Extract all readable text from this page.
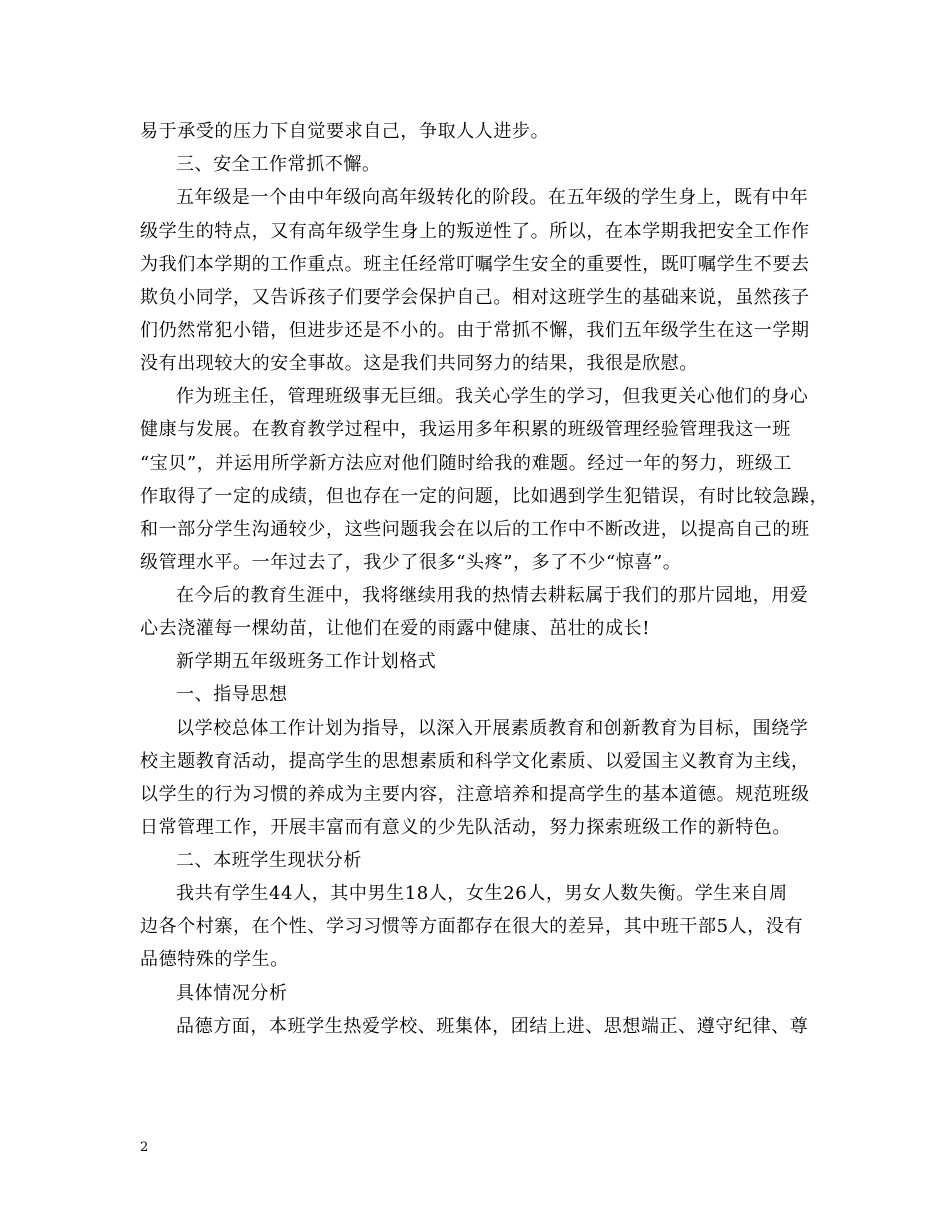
易于承受的压力下自觉要求自己，争取人人进步。
三、安全工作常抓不懈。
五年级是一个由中年级向高年级转化的阶段。在五年级的学生身上，既有中年
级学生的特点，又有高年级学生身上的叛逆性了。所以，在本学期我把安全工作作
为我们本学期的工作重点。班主任经常叮嘱学生安全的重要性，既叮嘱学生不要去
欺负小同学，又告诉孩子们要学会保护自己。相对这班学生的基础来说，虽然孩子
们仍然常犯小错，但进步还是不小的。由于常抓不懈，我们五年级学生在这一学期
没有出现较大的安全事故。这是我们共同努力的结果，我很是欣慰。
作为班主任，管理班级事无巨细。我关心学生的学习，但我更关心他们的身心
健康与发展。在教育教学过程中，我运用多年积累的班级管理经验管理我这一班
“宝贝”，并运用所学新方法应对他们随时给我的难题。经过一年的努力，班级工
作取得了一定的成绩，但也存在一定的问题，比如遇到学生犯错误，有时比较急躁，
和一部分学生沟通较少，这些问题我会在以后的工作中不断改进，以提高自己的班
级管理水平。一年过去了，我少了很多“头疼”，多了不少“惊喜”。
在今后的教育生涯中，我将继续用我的热情去耕耘属于我们的那片园地，用爱
心去浇灌每一棵幼苗，让他们在爱的雨露中健康、茁壮的成长!
新学期五年级班务工作计划格式
一、指导思想
以学校总体工作计划为指导，以深入开展素质教育和创新教育为目标，围绕学
校主题教育活动，提高学生的思想素质和科学文化素质、以爱国主义教育为主线，
以学生的行为习惯的养成为主要内容，注意培养和提高学生的基本道德。规范班级
日常管理工作，开展丰富而有意义的少先队活动，努力探索班级工作的新特色。
二、本班学生现状分析
我共有学生44人，其中男生18人，女生26人，男女人数失衡。学生来自周
边各个村寨，在个性、学习习惯等方面都存在很大的差异，其中班干部5人，没有
品德特殊的学生。
具体情况分析
品德方面，本班学生热爱学校、班集体，团结上进、思想端正、遵守纪律、尊
2
